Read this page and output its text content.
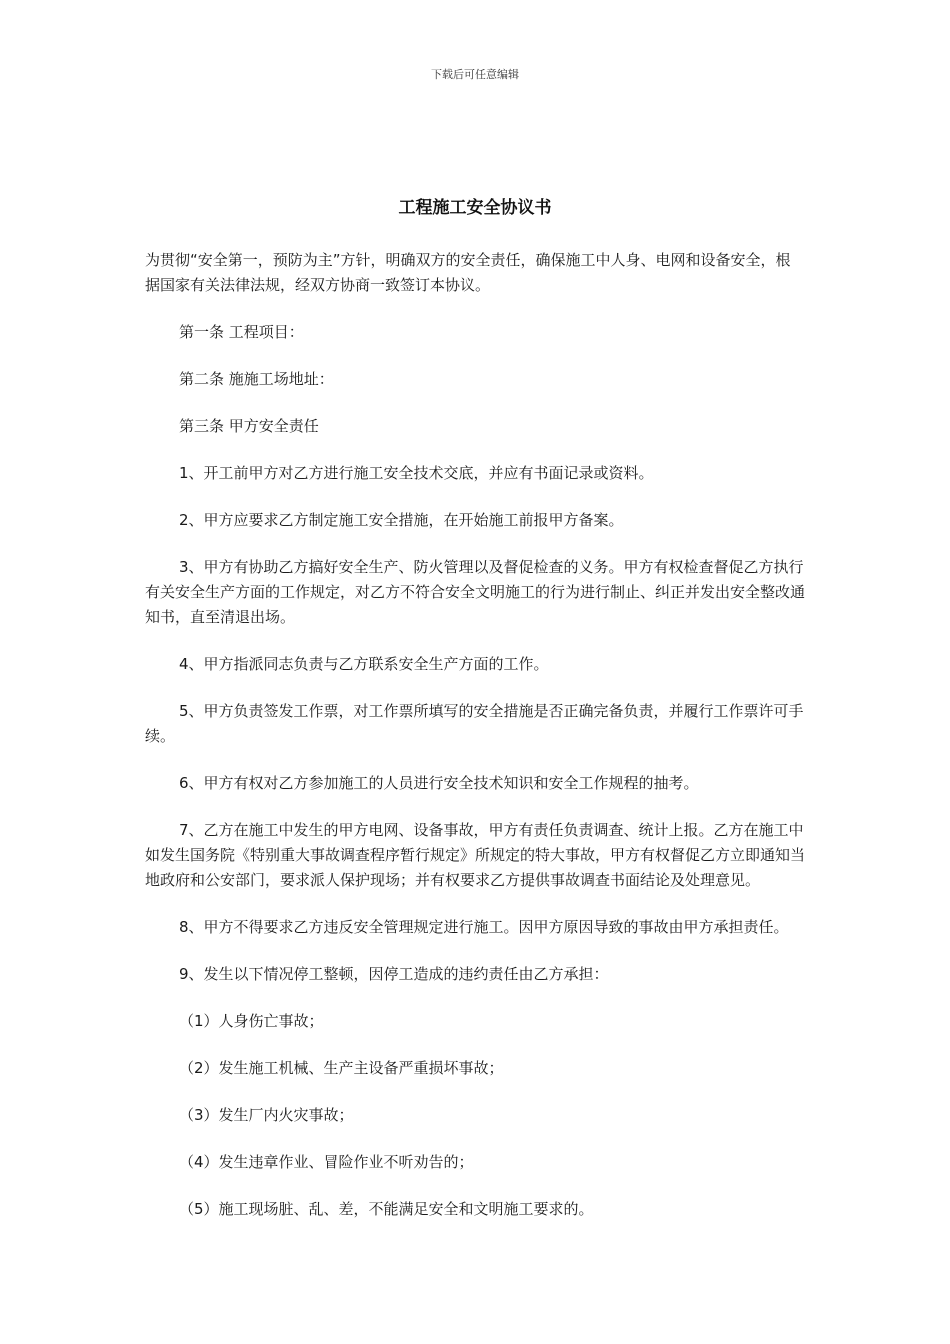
下载后可任意编辑
工程施工安全协议书

为贯彻“安全第一，预防为主”方针，明确双方的安全责任，确保施工中人身、电网和设备安全，根据国家有关法律法规，经双方协商一致签订本协议。

第一条 工程项目：

第二条 施施工场地址：

第三条 甲方安全责任

1、开工前甲方对乙方进行施工安全技术交底，并应有书面记录或资料。

2、甲方应要求乙方制定施工安全措施，在开始施工前报甲方备案。

3、甲方有协助乙方搞好安全生产、防火管理以及督促检查的义务。甲方有权检查督促乙方执行有关安全生产方面的工作规定，对乙方不符合安全文明施工的行为进行制止、纠正并发出安全整改通知书，直至清退出场。

4、甲方指派同志负责与乙方联系安全生产方面的工作。

5、甲方负责签发工作票，对工作票所填写的安全措施是否正确完备负责，并履行工作票许可手续。

6、甲方有权对乙方参加施工的人员进行安全技术知识和安全工作规程的抽考。

7、乙方在施工中发生的甲方电网、设备事故，甲方有责任负责调查、统计上报。乙方在施工中如发生国务院《特别重大事故调查程序暂行规定》所规定的特大事故，甲方有权督促乙方立即通知当地政府和公安部门，要求派人保护现场；并有权要求乙方提供事故调查书面结论及处理意见。

8、甲方不得要求乙方违反安全管理规定进行施工。因甲方原因导致的事故由甲方承担责任。

9、发生以下情况停工整顿，因停工造成的违约责任由乙方承担：

（1）人身伤亡事故；

（2）发生施工机械、生产主设备严重损坏事故；

（3）发生厂内火灾事故；

（4）发生违章作业、冒险作业不听劝告的；

（5）施工现场脏、乱、差，不能满足安全和文明施工要求的。
